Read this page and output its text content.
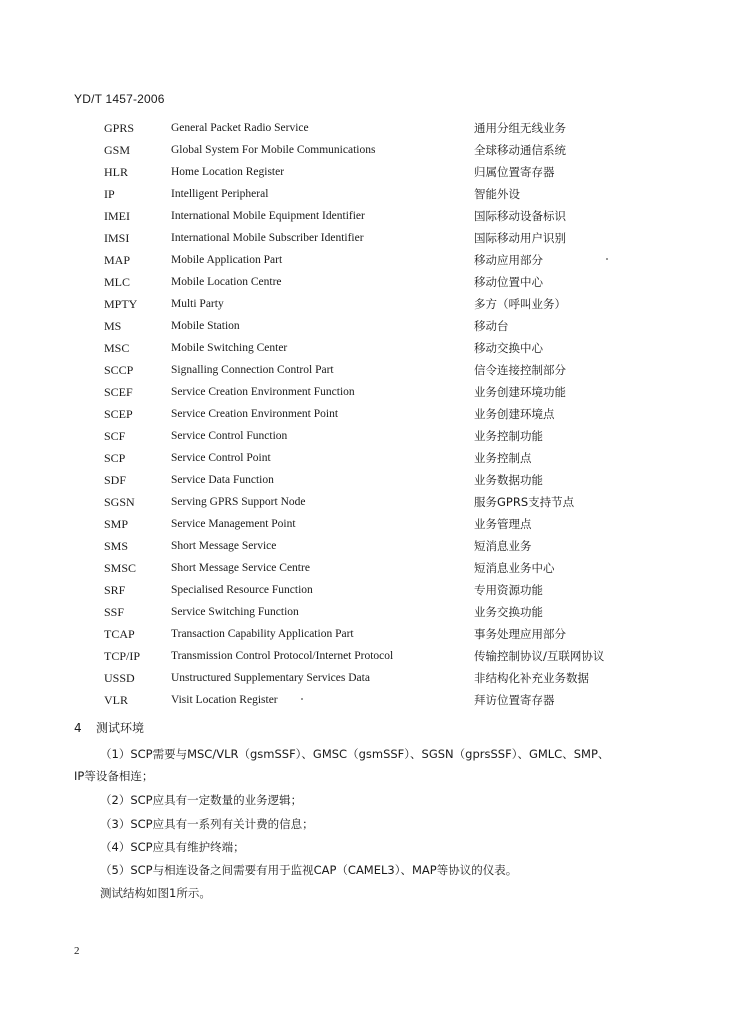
YD/T 1457-2006
GPRS	General Packet Radio Service	通用分组无线业务
GSM	Global System For Mobile Communications	全球移动通信系统
HLR	Home Location Register	归属位置寄存器
IP	Intelligent Peripheral	智能外设
IMEI	International Mobile Equipment Identifier	国际移动设备标识
IMSI	International Mobile Subscriber Identifier	国际移动用户识别
MAP	Mobile Application Part	移动应用部分
MLC	Mobile Location Centre	移动位置中心
MPTY	Multi Party	多方（呼叫业务）
MS	Mobile Station	移动台
MSC	Mobile Switching Center	移动交换中心
SCCP	Signalling Connection Control Part	信令连接控制部分
SCEF	Service Creation Environment Function	业务创建环境功能
SCEP	Service Creation Environment Point	业务创建环境点
SCF	Service Control Function	业务控制功能
SCP	Service Control Point	业务控制点
SDF	Service Data Function	业务数据功能
SGSN	Serving GPRS Support Node	服务GPRS支持节点
SMP	Service Management Point	业务管理点
SMS	Short Message Service	短消息业务
SMSC	Short Message Service Centre	短消息业务中心
SRF	Specialised Resource Function	专用资源功能
SSF	Service Switching Function	业务交换功能
TCAP	Transaction Capability Application Part	事务处理应用部分
TCP/IP	Transmission Control Protocol/Internet Protocol	传输控制协议/互联网协议
USSD	Unstructured Supplementary Services Data	非结构化补充业务数据
VLR	Visit Location Register	拜访位置寄存器
4 测试环境
（1）SCP需要与MSC/VLR（gsmSSF）、GMSC（gsmSSF）、SGSN（gprsSSF）、GMLC、SMP、
IP等设备相连；
（2）SCP应具有一定数量的业务逻辑；
（3）SCP应具有一系列有关计费的信息；
（4）SCP应具有维护终端；
（5）SCP与相连设备之间需要有用于监视CAP（CAMEL3）、MAP等协议的仪表。
测试结构如图1所示。
2
